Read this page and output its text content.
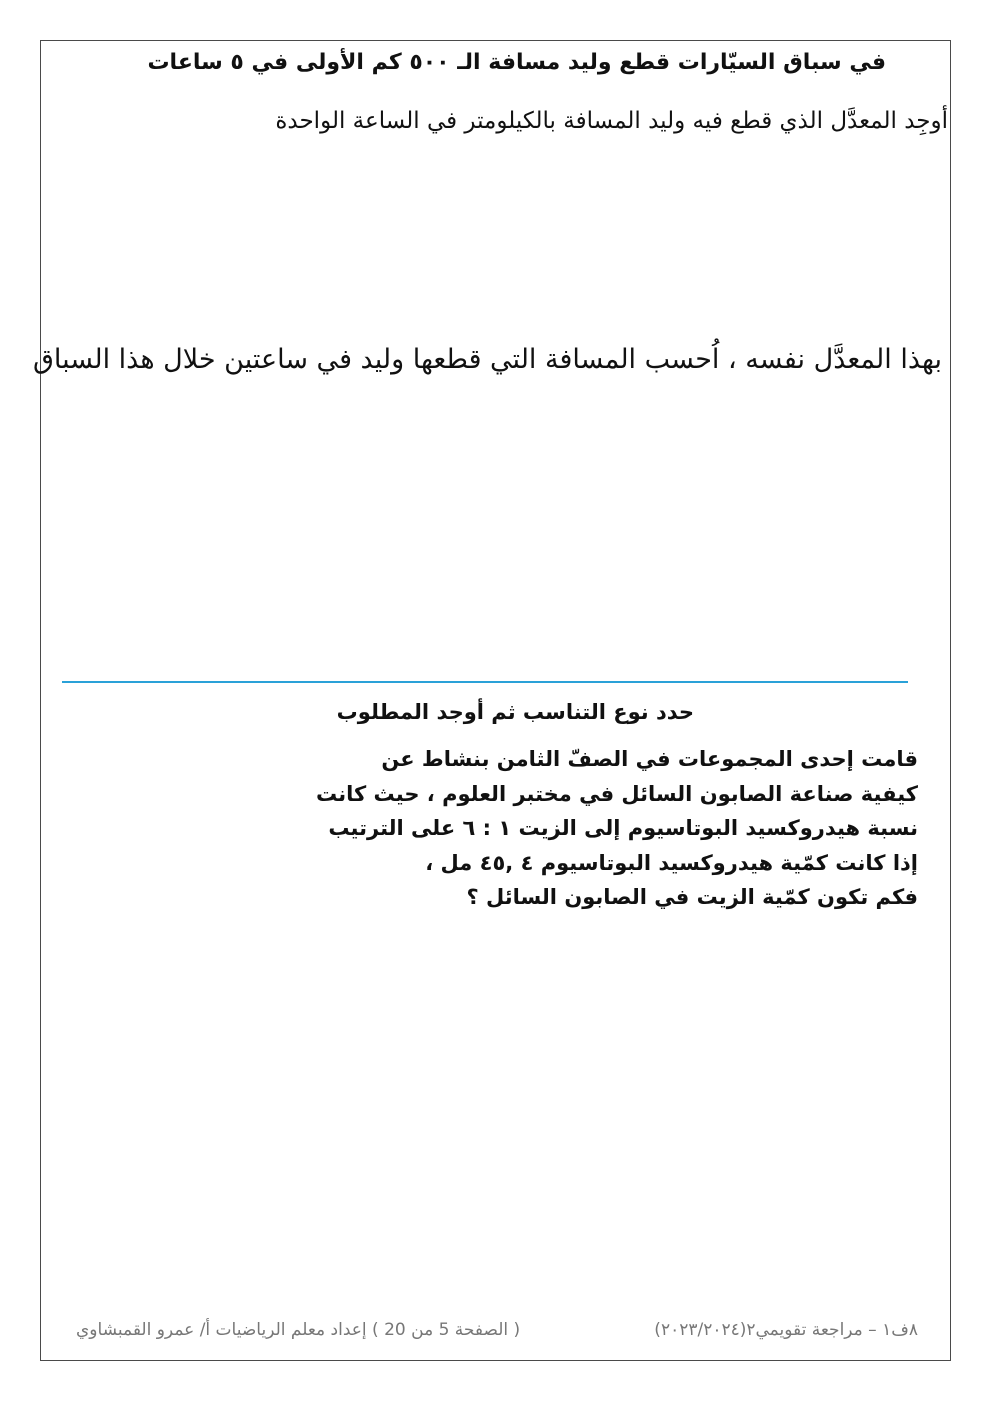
في سباق السيّارات قطع وليد مسافة الـ ٥٠٠ كم الأولى في ٥ ساعات
أوجِد المعدَّل الذي قطع فيه وليد المسافة بالكيلومتر في الساعة الواحدة
بهذا المعدَّل نفسه ، اُحسب المسافة التي قطعها وليد في ساعتين خلال هذا السباق
حدد نوع التناسب ثم أوجد المطلوب
قامت إحدى المجموعات في الصفّ الثامن بنشاط عن
كيفية صناعة الصابون السائل في مختبر العلوم ، حيث كانت
نسبة هيدروكسيد البوتاسيوم إلى الزيت ١ : ٦ على الترتيب
إذا كانت كمّية هيدروكسيد البوتاسيوم ٤ ,٤٥ مل ،
فكم تكون كمّية الزيت في الصابون السائل ؟
٨ف١ – مراجعة تقويمي٢(٢٠٢٣/٢٠٢٤)
( الصفحة 5 من 20 ) إعداد معلم الرياضيات أ/ عمرو القمبشاوي
